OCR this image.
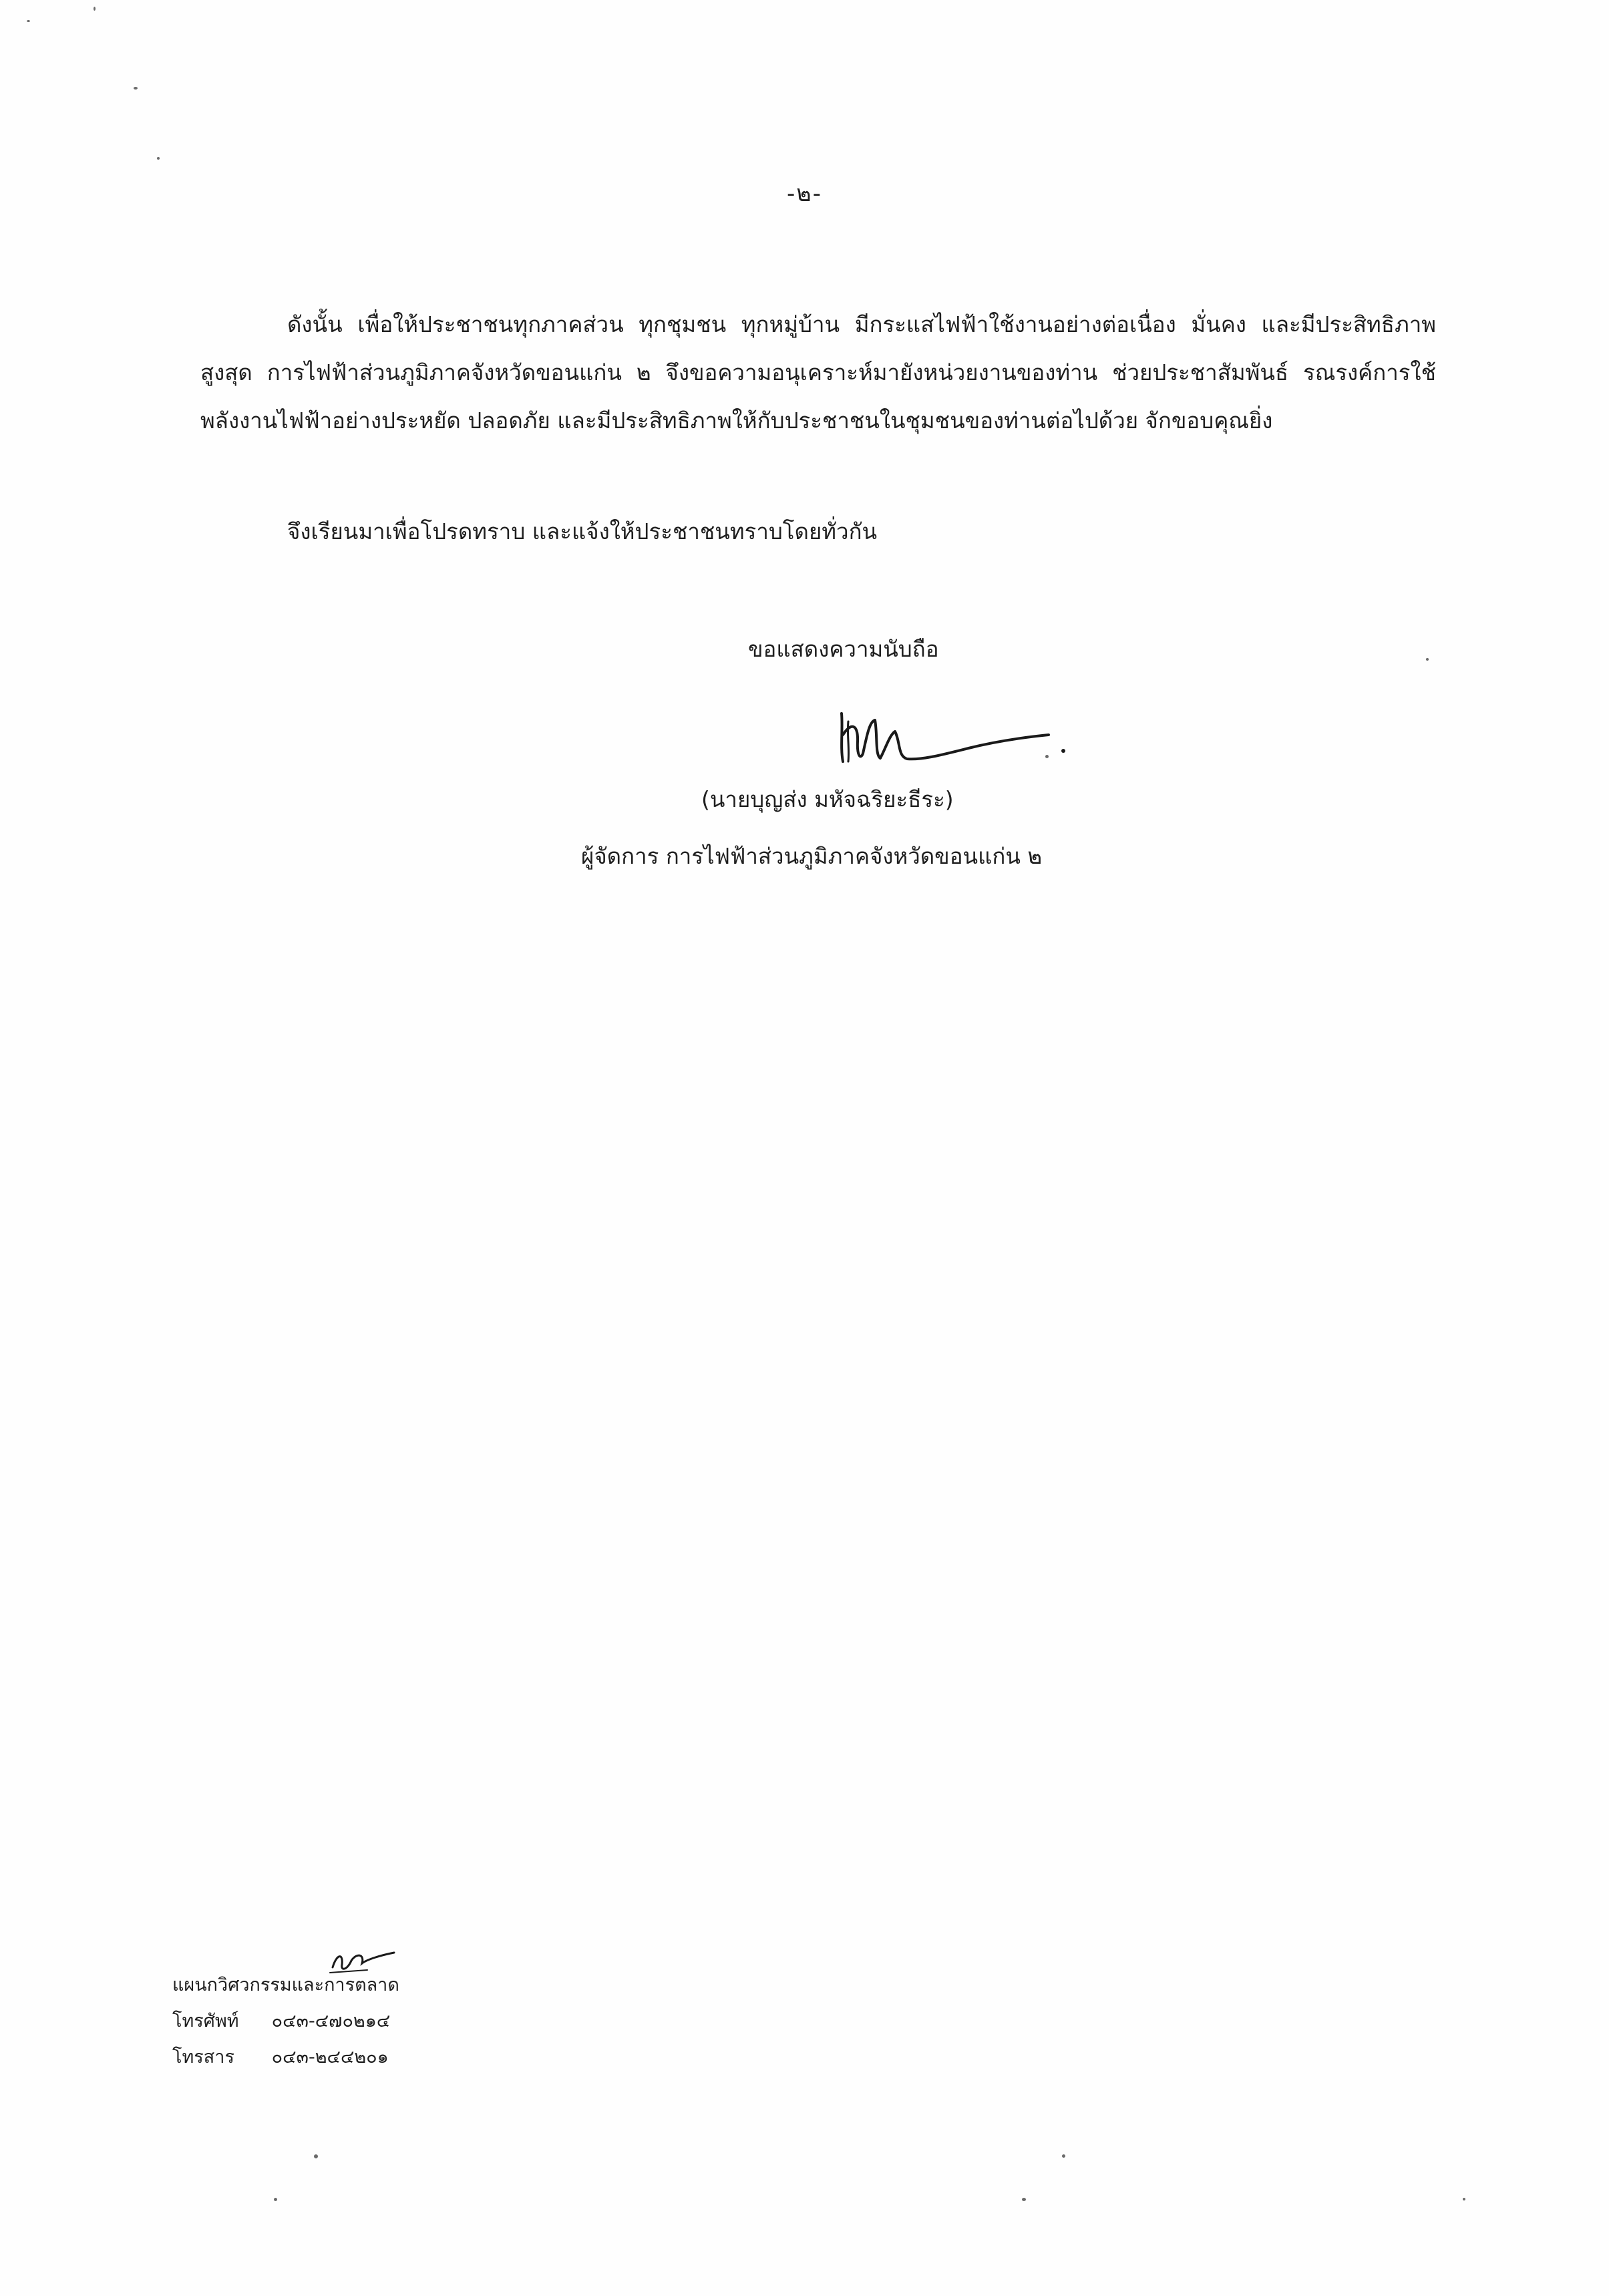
-๒-
ดังนั้น เพื่อให้ประชาชนทุกภาคส่วน ทุกชุมชน ทุกหมู่บ้าน มีกระแสไฟฟ้าใช้งานอย่างต่อเนื่อง มั่นคง และมีประสิทธิภาพสูงสุด การไฟฟ้าส่วนภูมิภาคจังหวัดขอนแก่น ๒ จึงขอความอนุเคราะห์มายังหน่วยงานของท่าน ช่วยประชาสัมพันธ์ รณรงค์การใช้พลังงานไฟฟ้าอย่างประหยัด ปลอดภัย และมีประสิทธิภาพให้กับประชาชนในชุมชนของท่านต่อไปด้วย จักขอบคุณยิ่ง
จึงเรียนมาเพื่อโปรดทราบ และแจ้งให้ประชาชนทราบโดยทั่วกัน
ขอแสดงความนับถือ
(นายบุญส่ง มหัจฉริยะธีระ)
ผู้จัดการ การไฟฟ้าส่วนภูมิภาคจังหวัดขอนแก่น ๒
แผนกวิศวกรรมและการตลาด
โทรศัพท์ ๐๔๓-๔๗๐๒๑๔
โทรสาร ๐๔๓-๒๔๔๒๐๑
